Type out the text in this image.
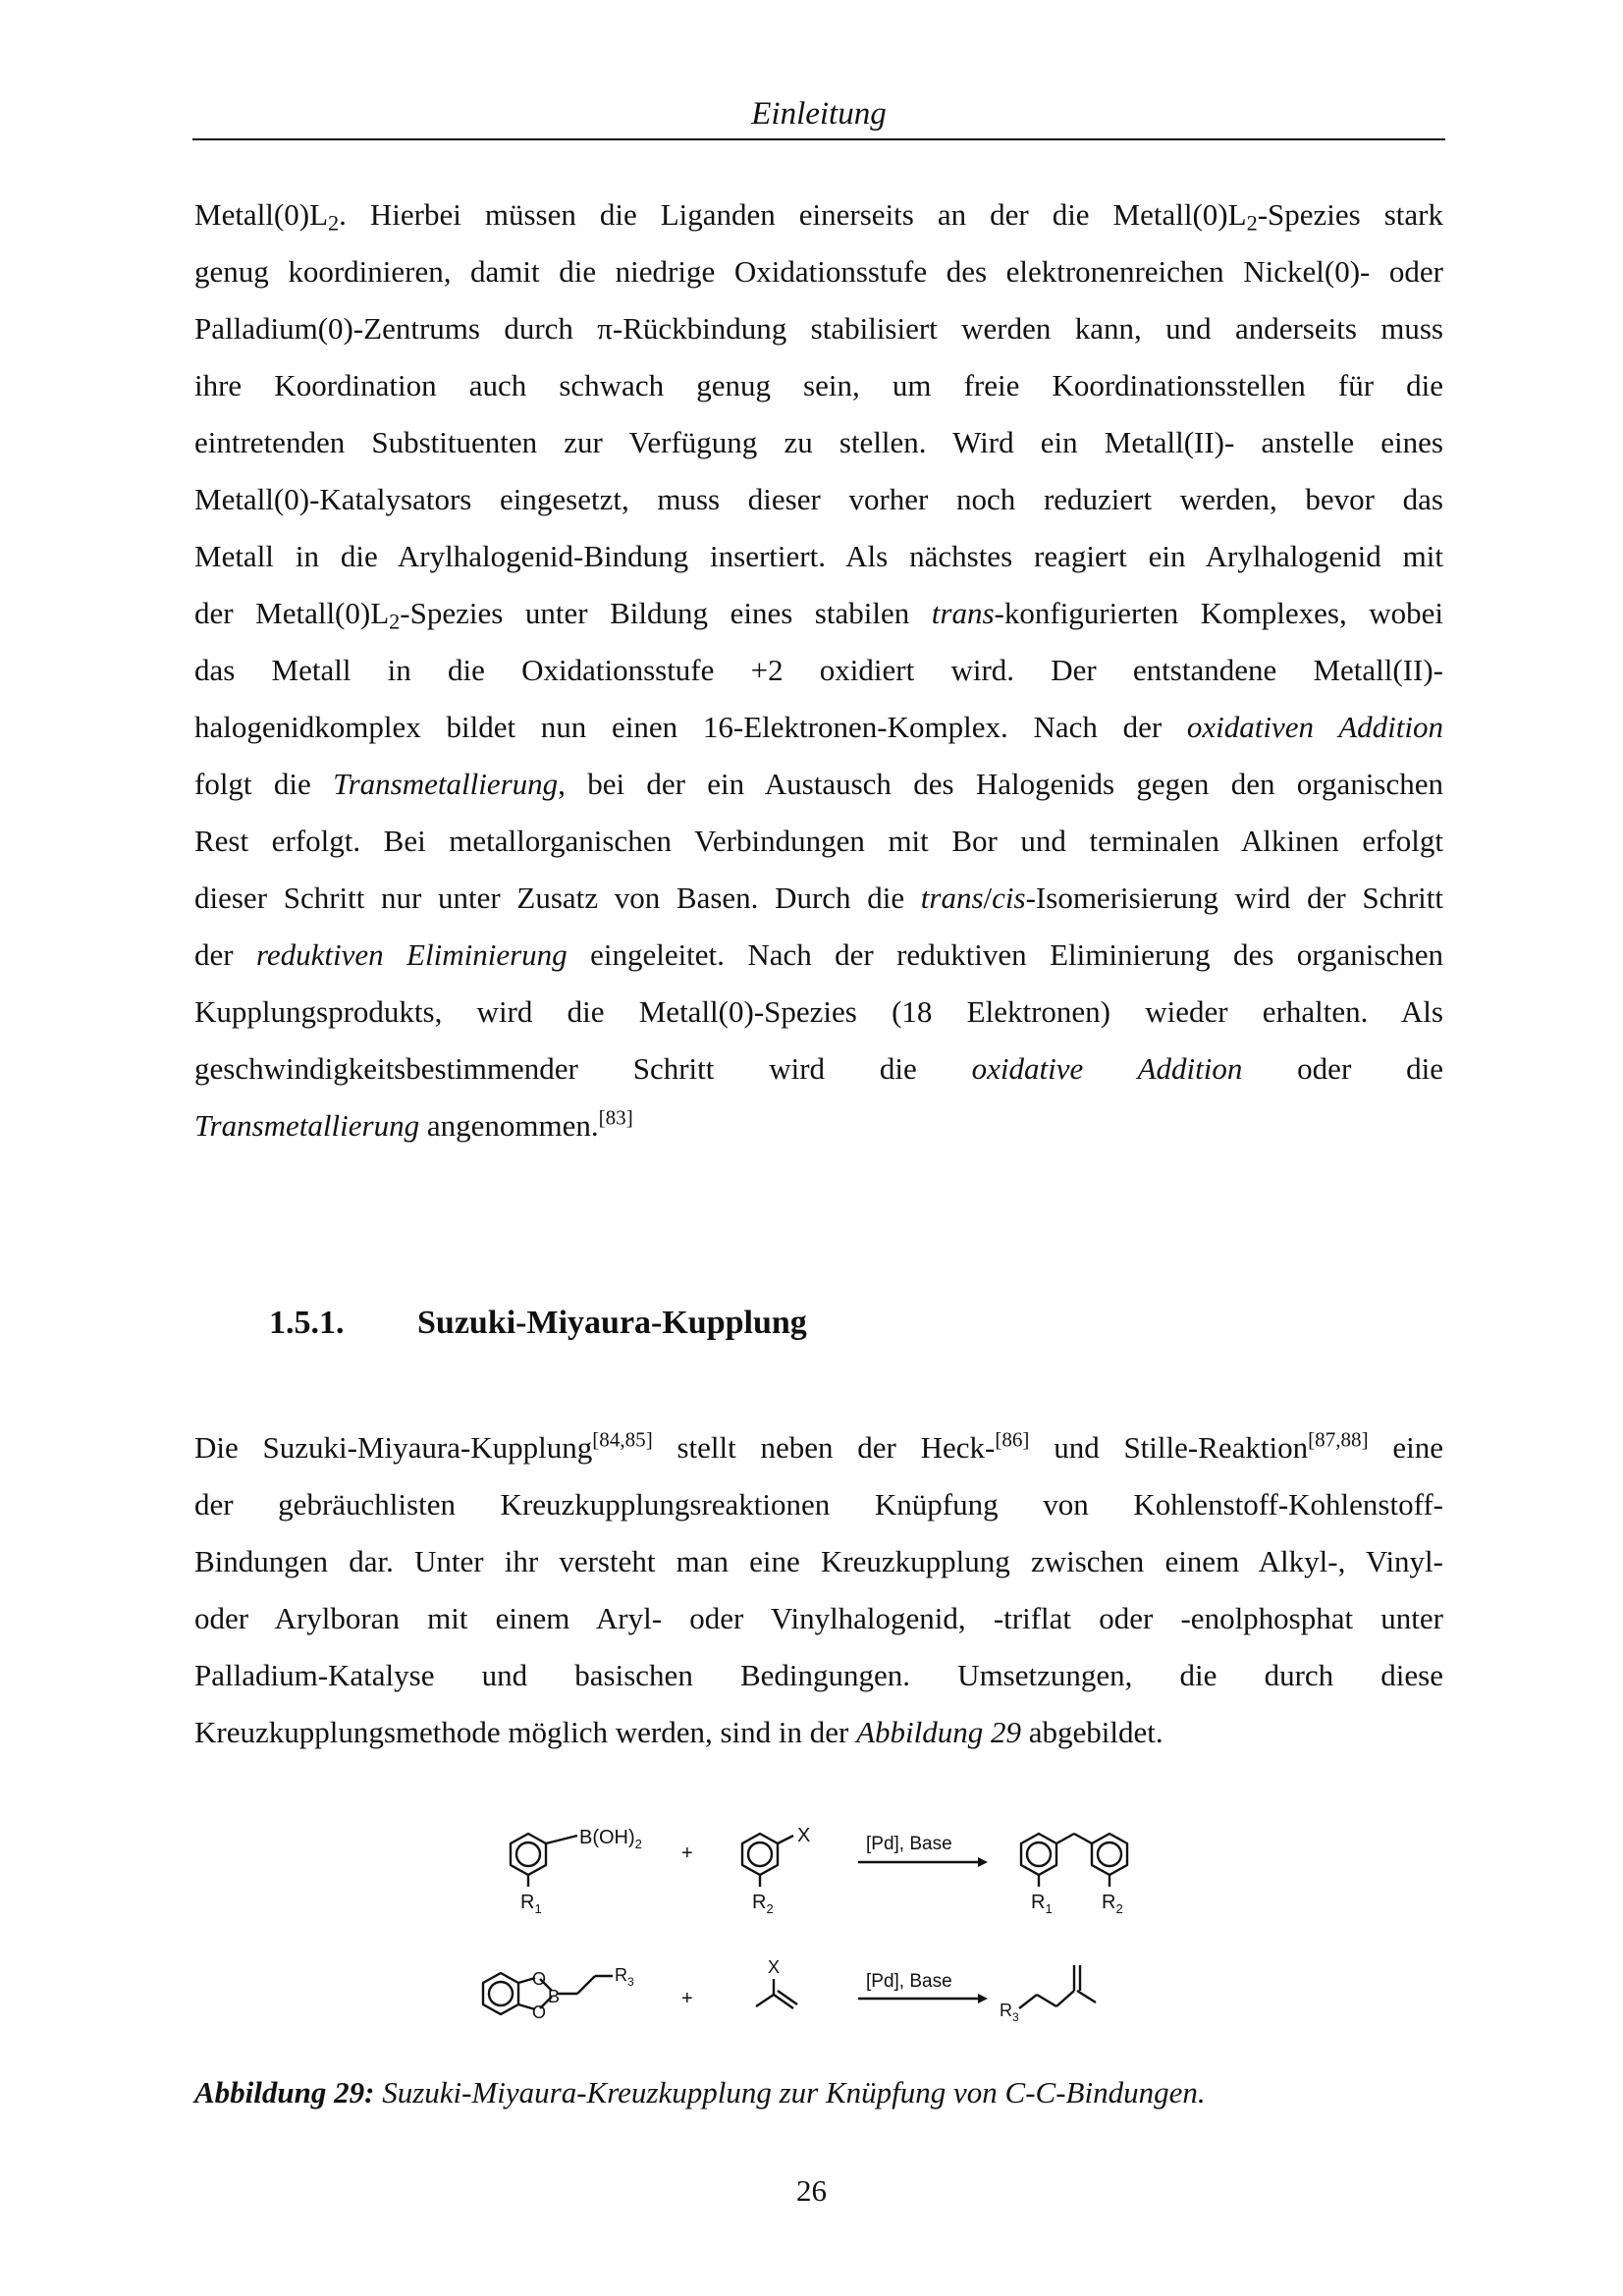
Einleitung
$Metall(0)L_2$. Hierbei müssen die Liganden einerseits an der die $Metall(0)L_2$-Spezies stark
genug koordinieren, damit die niedrige Oxidationsstufe des elektronenreichen Nickel(0)- oder
Palladium(0)-Zentrums durch π-Rückbindung stabilisiert werden kann, und anderseits muss
ihre Koordination auch schwach genug sein, um freie Koordinationsstellen für die
eintretenden Substituenten zur Verfügung zu stellen. Wird ein Metall(II)- anstelle eines
Metall(0)-Katalysators eingesetzt, muss dieser vorher noch reduziert werden, bevor das
Metall in die Arylhalogenid-Bindung insertiert. Als nächstes reagiert ein Arylhalogenid mit
der $Metall(0)L_2$-Spezies unter Bildung eines stabilen trans-konfigurierten Komplexes, wobei
das Metall in die Oxidationsstufe +2 oxidiert wird. Der entstandene Metall(II)-
halogenidkomplex bildet nun einen 16-Elektronen-Komplex. Nach der oxidativen Addition
folgt die Transmetallierung, bei der ein Austausch des Halogenids gegen den organischen
Rest erfolgt. Bei metallorganischen Verbindungen mit Bor und terminalen Alkinen erfolgt
dieser Schritt nur unter Zusatz von Basen. Durch die trans/cis-Isomerisierung wird der Schritt
der reduktiven Eliminierung eingeleitet. Nach der reduktiven Eliminierung des organischen
Kupplungsprodukts, wird die Metall(0)-Spezies (18 Elektronen) wieder erhalten. Als
geschwindigkeitsbestimmender Schritt wird die oxidative Addition oder die
Transmetallierung angenommen.[83]
1.5.1. Suzuki-Miyaura-Kupplung
Die Suzuki-Miyaura-Kupplung[84,85] stellt neben der Heck-[86] und Stille-Reaktion[87,88] eine
der gebräuchlisten Kreuzkupplungsreaktionen Knüpfung von Kohlenstoff-Kohlenstoff-
Bindungen dar. Unter ihr versteht man eine Kreuzkupplung zwischen einem Alkyl-, Vinyl-
oder Arylboran mit einem Aryl- oder Vinylhalogenid, -triflat oder -enolphosphat unter
Palladium-Katalyse und basischen Bedingungen. Umsetzungen, die durch diese
Kreuzkupplungsmethode möglich werden, sind in der Abbildung 29 abgebildet.
$B(OH)_2$ +
X	[Pd], Base
$R_1$	$R_2$	$R_1$	$R_2$
O
O
B
$R_3$
+
X
[Pd], Base
$R_3$
Abbildung 29: Suzuki-Miyaura-Kreuzkupplung zur Knüpfung von C-C-Bindungen.
26
